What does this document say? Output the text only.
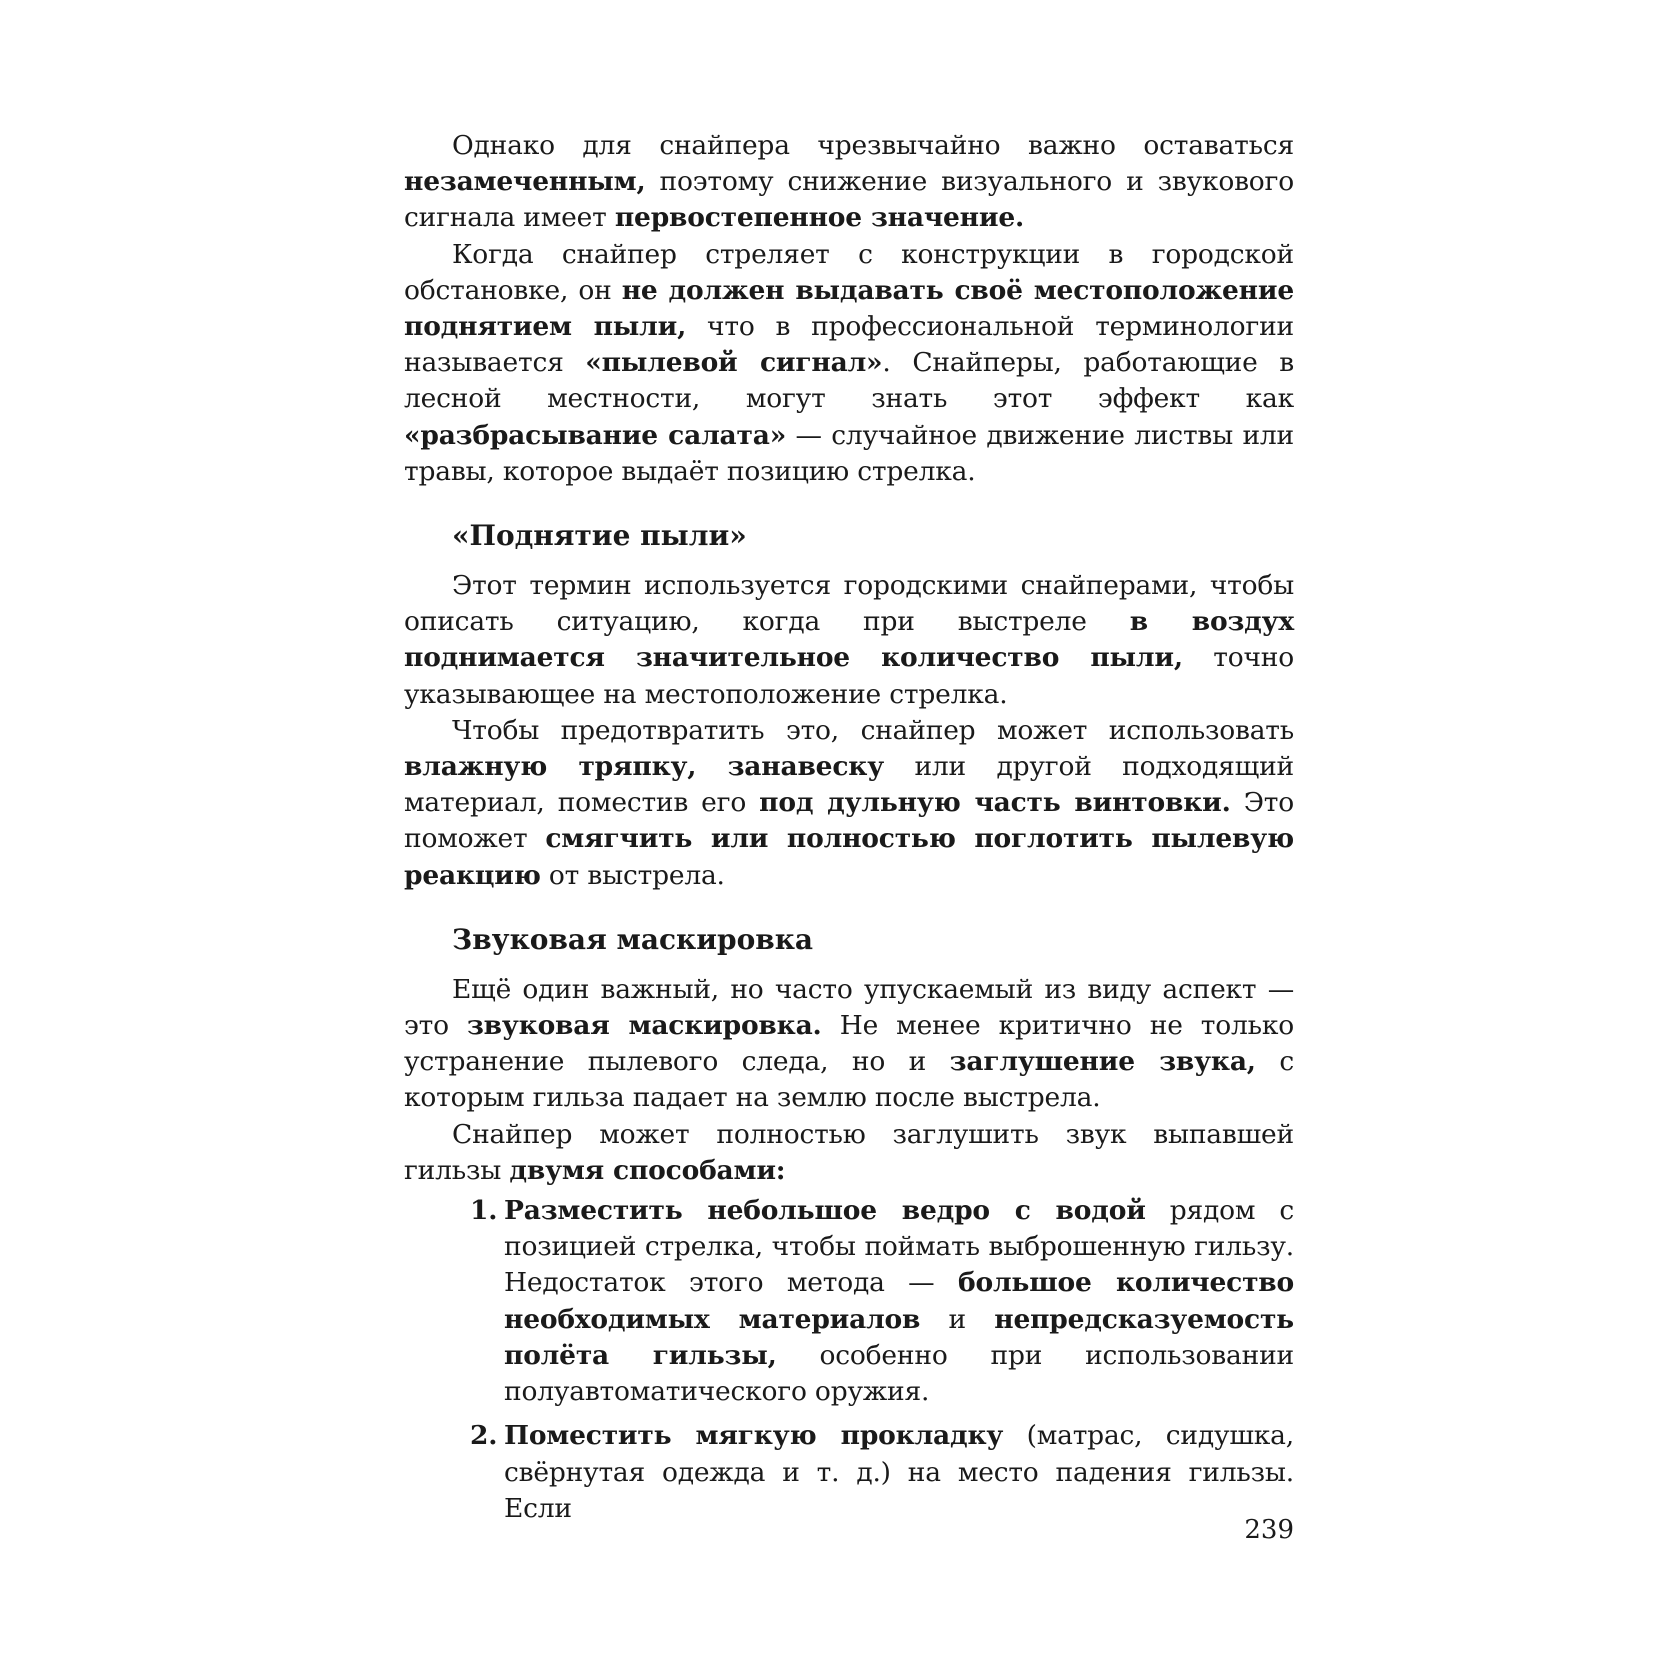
Однако для снайпера чрезвычайно важно оставаться незамеченным, поэтому снижение визуального и звукового сигнала имеет первостепенное значение.

Когда снайпер стреляет с конструкции в городской обстановке, он не должен выдавать своё местоположение поднятием пыли, что в профессиональной терминологии называется «пылевой сигнал». Снайперы, работающие в лесной местности, могут знать этот эффект как «разбрасывание салата» — случайное движение листвы или травы, которое выдаёт позицию стрелка.

«Поднятие пыли»

Этот термин используется городскими снайперами, чтобы описать ситуацию, когда при выстреле в воздух поднимается значительное количество пыли, точно указывающее на местоположение стрелка.

Чтобы предотвратить это, снайпер может использовать влажную тряпку, занавеску или другой подходящий материал, поместив его под дульную часть винтовки. Это поможет смягчить или полностью поглотить пылевую реакцию от выстрела.

Звуковая маскировка

Ещё один важный, но часто упускаемый из виду аспект — это звуковая маскировка. Не менее критично не только устранение пылевого следа, но и заглушение звука, с которым гильза падает на землю после выстрела.

Снайпер может полностью заглушить звук выпавшей гильзы двумя способами:

1. Разместить небольшое ведро с водой рядом с позицией стрелка, чтобы поймать выброшенную гильзу. Недостаток этого метода — большое количество необходимых материалов и непредсказуемость полёта гильзы, особенно при использовании полуавтоматического оружия.
2. Поместить мягкую прокладку (матрас, сидушка, свёрнутая одежда и т. д.) на место падения гильзы. Если
239
